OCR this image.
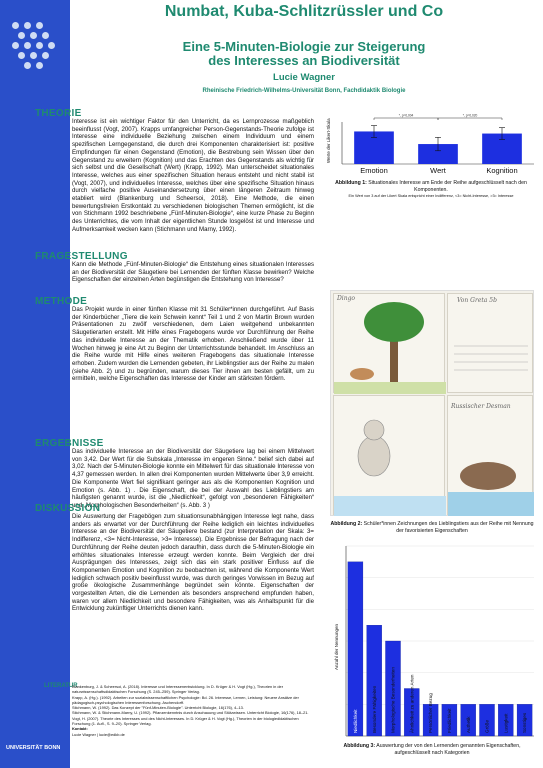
UNIVERSITÄT BONN
Numbat, Kuba-Schlitzrüssler und Co
Eine 5-Minuten-Biologie zur Steigerung
des Interesses an Biodiversität
Lucie Wagner
Rheinische Friedrich-Wilhelms-Universität Bonn, Fachdidaktik Biologie
THEORIE
Interesse ist ein wichtiger Faktor für den Unterricht, da es Lernprozesse maßgeblich beeinflusst (Vogt, 2007). Krapps umfangreicher Person-Gegenstands-Theorie zufolge ist Interesse eine individuelle Beziehung zwischen einem Individuum und einem spezifischen Lerngegenstand, die durch drei Komponenten charakterisiert ist: positive Empfindungen für einen Gegenstand (Emotion), die Bestrebung sein Wissen über den Gegenstand zu erweitern (Kognition) und das Erachten des Gegenstands als wichtig für sich selbst und die Gesellschaft (Wert) (Krapp, 1992). Man unterscheidet situationales Interesse, welches aus einer spezifischen Situation heraus entsteht und nicht stabil ist (Vogt, 2007), und individuelles Interesse, welches über eine spezifische Situation hinaus durch vielfache positive Auseinandersetzung über einen längeren Zeitraum hinweg etabliert wird (Blankenburg und Scheersoi, 2018). Eine Methode, die einen bewertungsfreien Erstkontakt zu verschiedenen biologischen Themen ermöglicht, ist die von Stichmann 1992 beschriebene „Fünf-Minuten-Biologie“, eine kurze Phase zu Beginn des Unterrichtes, die vom Inhalt der eigentlichen Stunde losgelöst ist und Interesse und Aufmerksamkeit wecken kann (Stichmann und Marny, 1992).
FRAGESTELLUNG
Kann die Methode „Fünf-Minuten-Biologie“ die Entstehung eines situationalen Interesses an der Biodiversität der Säugetiere bei Lernenden der fünften Klasse bewirken? Welche Eigenschaften der einzelnen Arten begünstigen die Entstehung von Interesse?
METHODE
Das Projekt wurde in einer fünften Klasse mit 31 Schüler*innen durchgeführt. Auf Basis der Kinderbücher „Tiere die kein Schwein kennt“ Teil 1 und 2 von Martin Brown wurden Präsentationen zu zwölf verschiedenen, dem Laien weitgehend unbekannten Säugetierarten erstellt. Mit Hilfe eines Fragebogens wurde vor Durchführung der Reihe das individuelle Interesse an der Thematik erhoben. Anschließend wurde über 11 Wochen hinweg je eine Art zu Beginn der Unterrichtsstunde behandelt. Im Anschluss an die Reihe wurde mit Hilfe eines weiteren Fragebogens das situationale Interesse erhoben. Zudem wurden die Lernenden gebeten, ihr Lieblingstier aus der Reihe zu malen (siehe Abb. 2) und zu begründen, warum dieses Tier ihnen am besten gefällt, um zu ermitteln, welche Eigenschaften das Interesse der Kinder am stärksten fördern.
ERGEBNISSE
Das individuelle Interesse an der Biodiversität der Säugetiere lag bei einem Mittelwert von 3,42. Der Wert für die Subskala „Interesse im engeren Sinne.“ belief sich dabei auf 3,02. Nach der 5-Minuten-Biologie konnte ein Mittelwert für das situationale Interesse von 4,37 gemessen werden. In allen drei Komponenten wurden Mittelwerte über 3,9 erreicht. Die Komponente Wert fiel signifikant geringer aus als die Komponenten Kognition und Emotion (s. Abb. 1) . Die Eigenschaft, die bei der Auswahl des Lieblingstiers am häufigsten genannt wurde, ist die „Niedlichkeit“, gefolgt von „besonderen Fähigkeiten“ und „Morphologischen Besonderheiten“ (s. Abb. 3 )
DISKUSSION
Die Auswertung der Fragebögen zum situationsunabhängigen Interesse legt nahe, dass anders als erwartet vor der Durchführung der Reihe lediglich ein leichtes individuelles Interesse an der Biodiversität der Säugetiere bestand (zur Interpretation der Skala: 3= Indifferenz, <3= Nicht-Interesse, >3= Interesse). Die Ergebnisse der Befragung nach der Durchführung der Reihe deuten jedoch daraufhin, dass durch die 5-Minuten-Biologie ein erhöhtes situationales Interesse erzeugt werden konnte. Beim Vergleich der drei Ausprägungen des Interesses, zeigt sich das ein stark positiver Einfluss auf die Komponenten Emotion und Kognition zu beobachten ist, während die Komponente Wert lediglich schwach positiv beeinflusst wurde, was durch geringes Vorwissen im Bezug auf große ökologische Zusammenhänge begründet sein könnte. Eigenschaften der vorgestellten Arten, die die Lernenden als besonders ansprechend empfunden haben, waren vor allem Niedlichkeit und besondere Fähigkeiten, was als Anhaltspunkt für die Entwicklung zukünftiger Unterrichts dienen kann.
LITERATUR
Blankenburg, J. & Scheersoi, A. (2018). Interesse und Interessenentwicklung. In D. Krüger & H. Vogt (Hg.), Theorien in der naturwissenschaftsdidaktischen Forschung (S. 245–259). Springer Verlag.
Krapp, A. (Hg.). (1992). Arbeiten zur sozialwissenschaftlichen Psychologie: Bd. 26. Interesse, Lernen, Leistung: Neuere Ansätze der pädagogisch-psychologischen Interessenforschung. Aschendorff.
Stichmann, W. (1992). Das Konzept der "Fünf-Minuten-Biologie". Unterricht Biologie, 16(176), 4–13.
Stichmann, W. & Stichmann-Marny, U. (1992). Pflanzenkenntnis durch Anschauung und Stützwissen. Unterricht Biologie, 16(176), 18–21.
Vogt, H. (2007). Theorie des Interesses und des Nicht-Interesses. In D. Krüger & H. Vogt (Hg.), Theorien in der biologiedidaktischen Forschung (1. Aufl., S. 9–20). Springer Verlag.
Kontakt:
Lucie Wagner | lucie@edkb.de
Werte der Likert-Skala
Emotion	Wert	Kognition
*, p=0,004	*, p=0,020
Abbildung 1: Situationales Interesse am Ende der Reihe aufgeschlüsselt nach den Komponenten.
Ein Wert von 3 auf der Likert Skala entspricht einer Indifferenz, <3= Nicht-Interesse, >3= Interesse
Dingo	Von Greta 5b
Russischer Desman
Abbildung 2: Schüler*innen Zeichnungen des Lieblingstiers aus der Reihe mit Nennung der favorisierten Eigenschaften
Anzahl der Nennungen
Niedlichkeit	Besondere Fähigkeiten	Morphologische Besonderheiten	Ähnlichkeit zu anderen Arten	Persönlicher Bezug	Friedlichkeit	Authetik	Größe	Lustigkeit	Sonstiges
Abbildung 3: Auswertung der von den Lernenden genannten Eigenschaften, aufgeschlüsselt nach Kategorien
